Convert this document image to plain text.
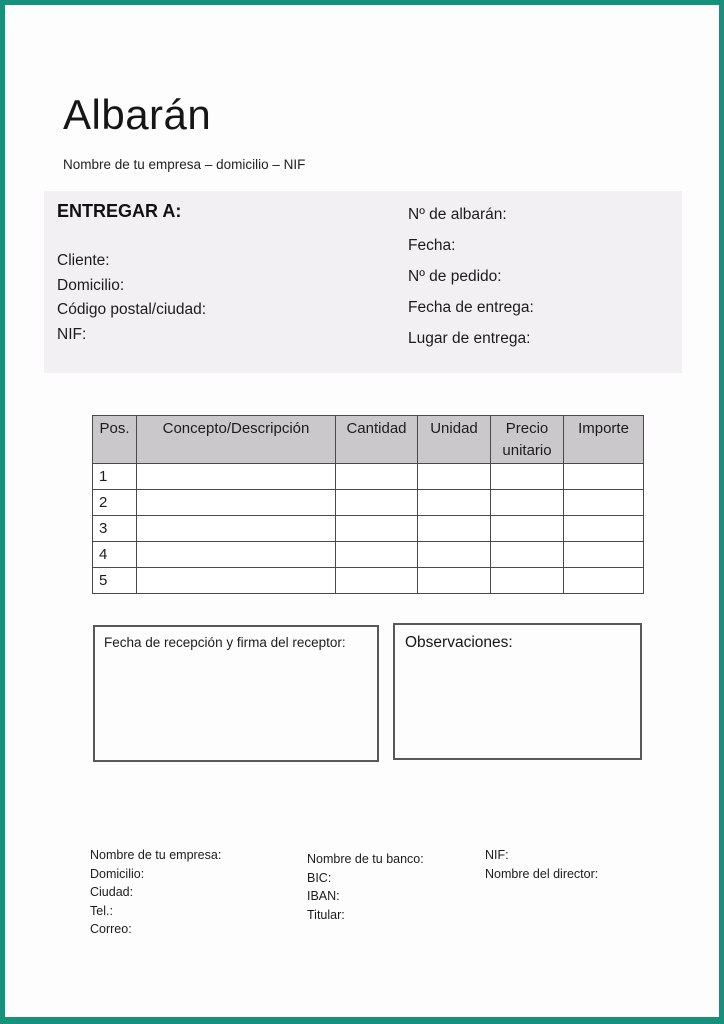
Albarán
Nombre de tu empresa – domicilio – NIF
ENTREGAR A:
Cliente:
Domicilio:
Código postal/ciudad:
NIF:
Nº de albarán:
Fecha:
Nº de pedido:
Fecha de entrega:
Lugar de entrega:
Pos.	Concepto/Descripción	Cantidad	Unidad	Precio unitario	Importe
1					
2					
3					
4					
5					
Fecha de recepción y firma del receptor:	Observaciones:
Nombre de tu empresa:
Domicilio:
Ciudad:
Tel.:
Correo:
Nombre de tu banco:
BIC:
IBAN:
Titular:
NIF:
Nombre del director:
